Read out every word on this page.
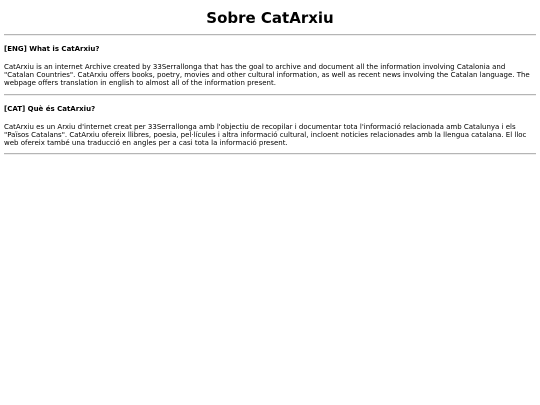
Sobre CatArxiu
[ENG] What is CatArxiu?

CatArxiu is an internet Archive created by 33Serrallonga that has the goal to archive and document all the information involving Catalonia and "Catalan Countries". CatArxiu offers books, poetry, movies and other cultural information, as well as recent news involving the Catalan language. The webpage offers translation in english to almost all of the information present.

[CAT] Què és CatArxiu?

CatArxiu es un Arxiu d'internet creat per 33Serrallonga amb l'objectiu de recopilar i documentar tota l'informació relacionada amb Catalunya i els "Països Catalans". CatArxiu ofereix llibres, poesia, pel·lícules i altra informació cultural, incloent noticies relacionades amb la llengua catalana. El lloc web ofereix també una traducció en angles per a casi tota la informació present.
